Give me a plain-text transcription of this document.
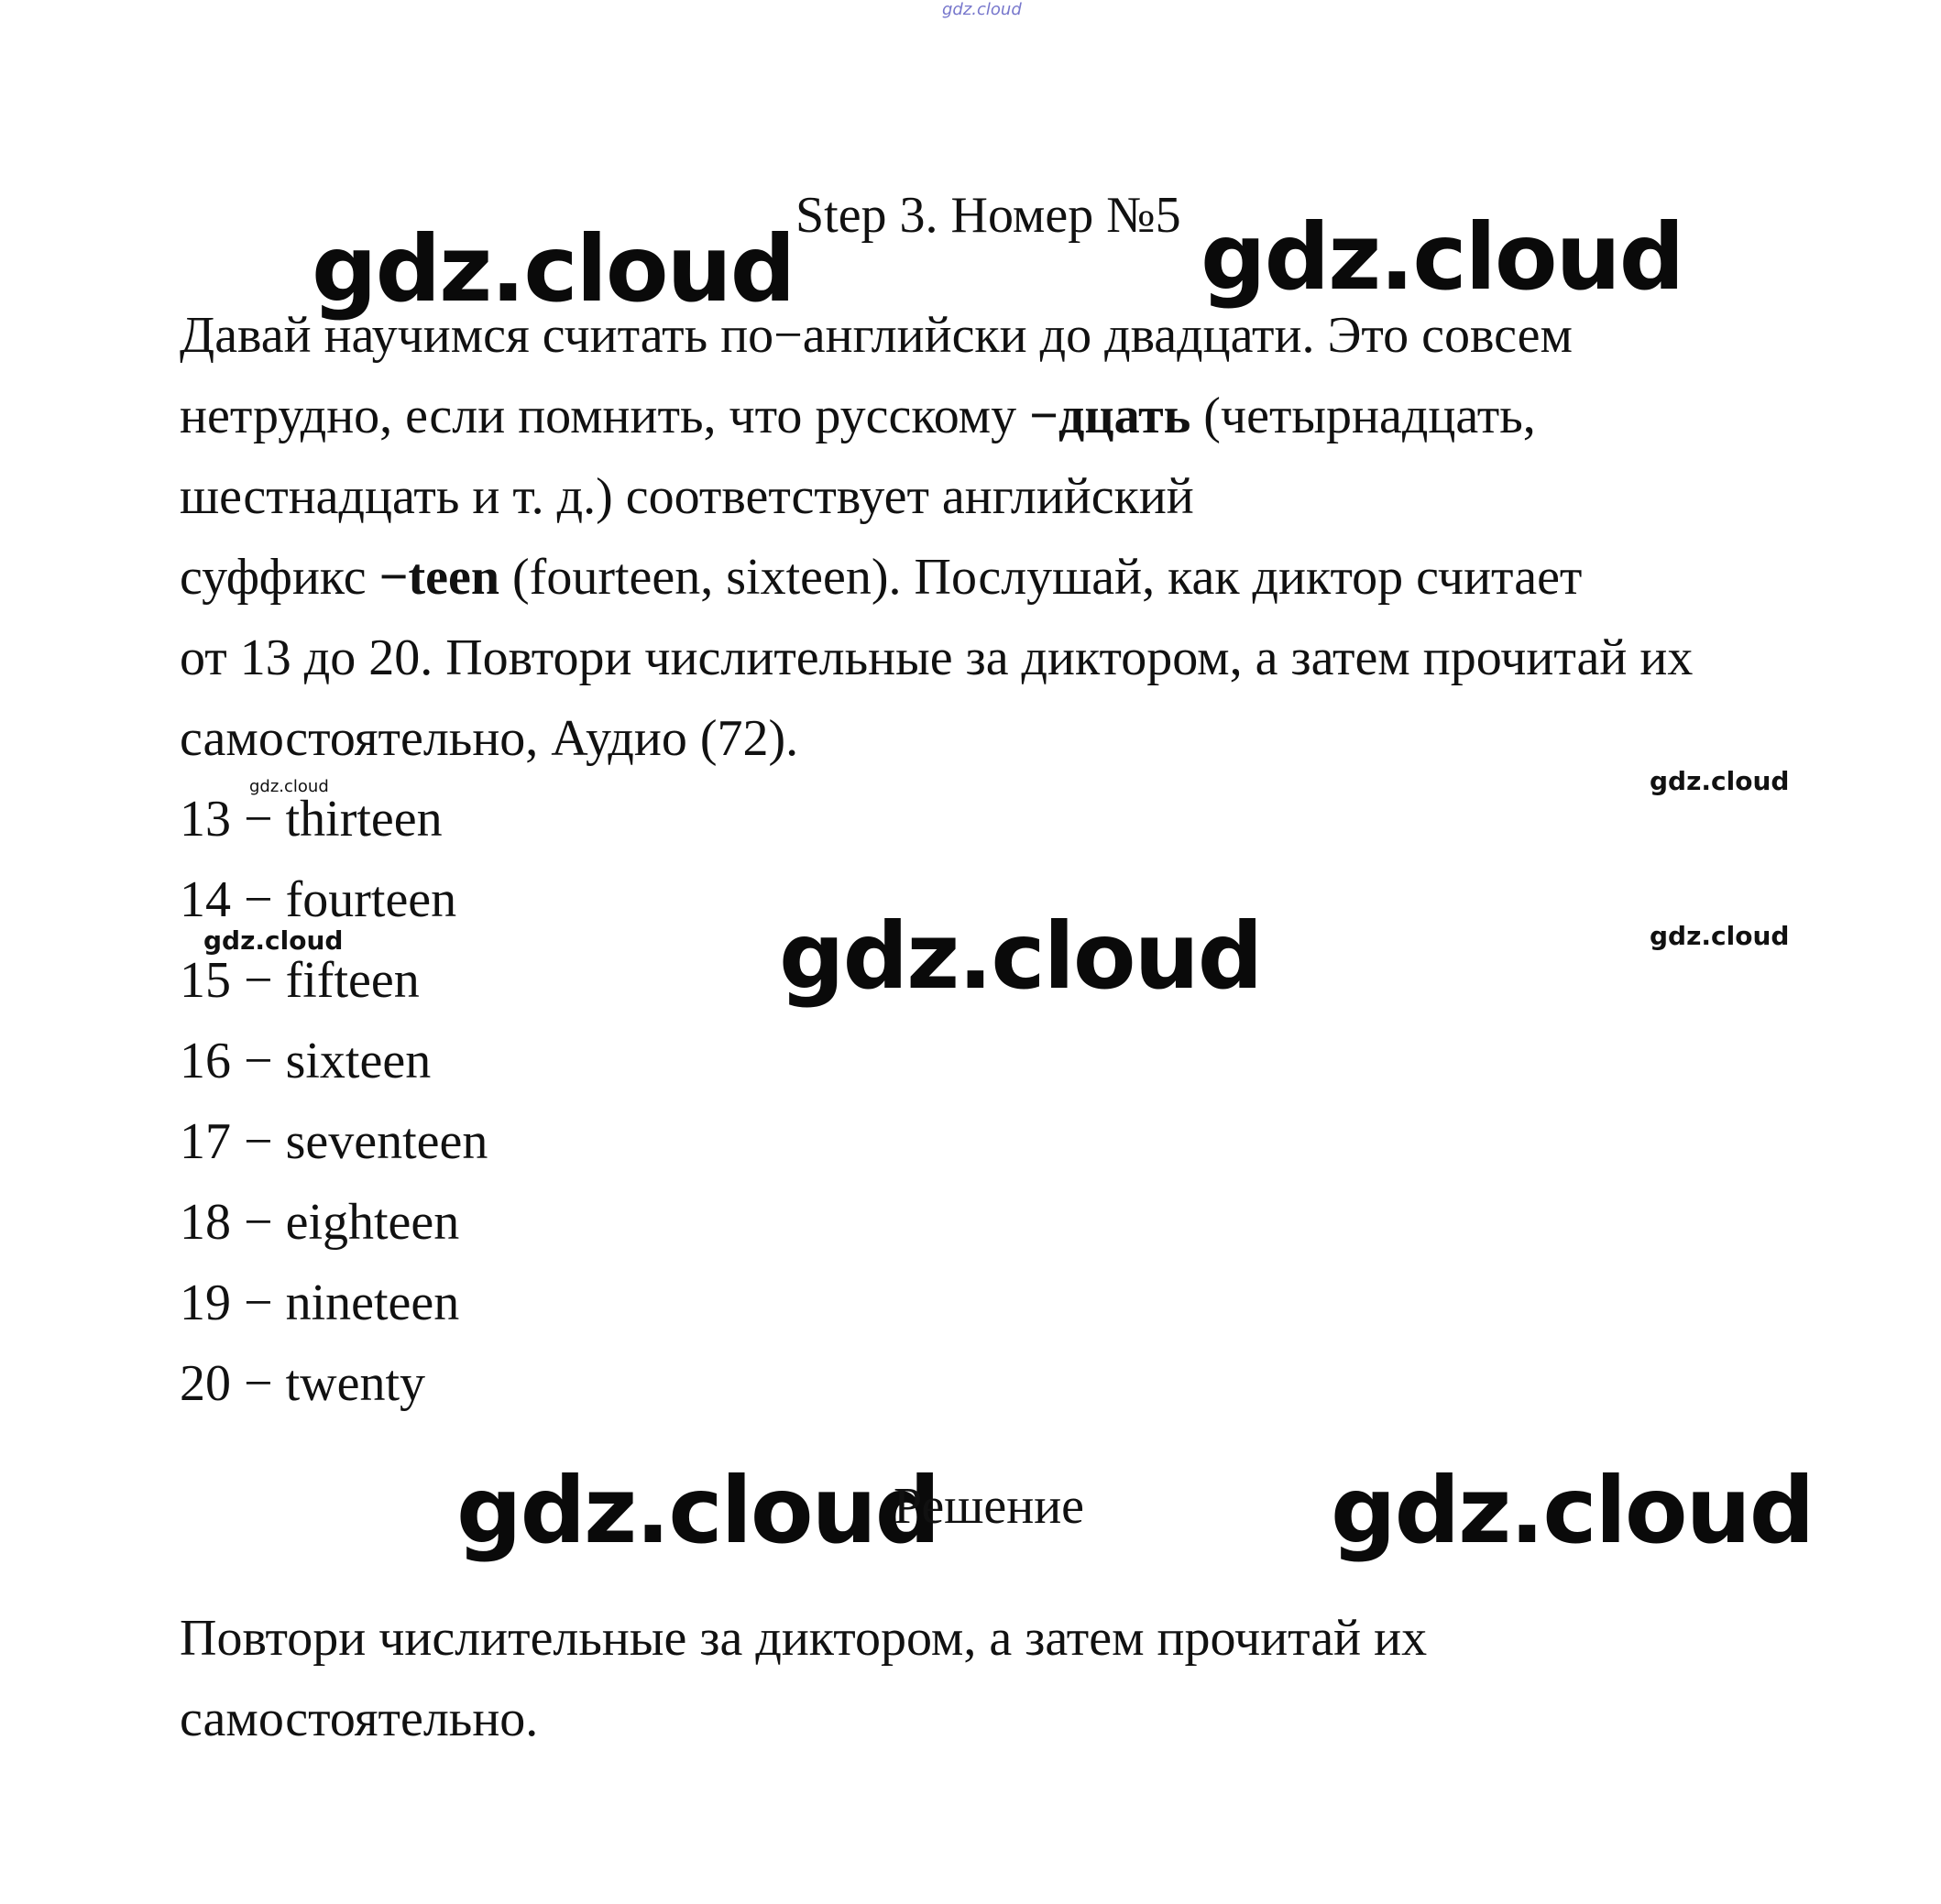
gdz.cloud
Step 3. Номер №5
gdz.cloud	gdz.cloud
gdz.cloud
gdz.cloud	gdz.cloud
gdz.cloud
gdz.cloud
gdz.cloud
gdz.cloud
Давай научимся считать по−английски до двадцати. Это совсем
нетрудно, если помнить, что русскому −дцать (четырнадцать,
шестнадцать и т. д.) соответствует английский
суффикс −teen (fourteen, sixteen). Послушай, как диктор считает
от 13 до 20. Повтори числительные за диктором, а затем прочитай их
самостоятельно, Аудио (72).
13 − thirteen
14 − fourteen
15 − fifteen
16 − sixteen
17 − seventeen
18 − eighteen
19 − nineteen
20 − twenty
Решение
Повтори числительные за диктором, а затем прочитай их
самостоятельно.
